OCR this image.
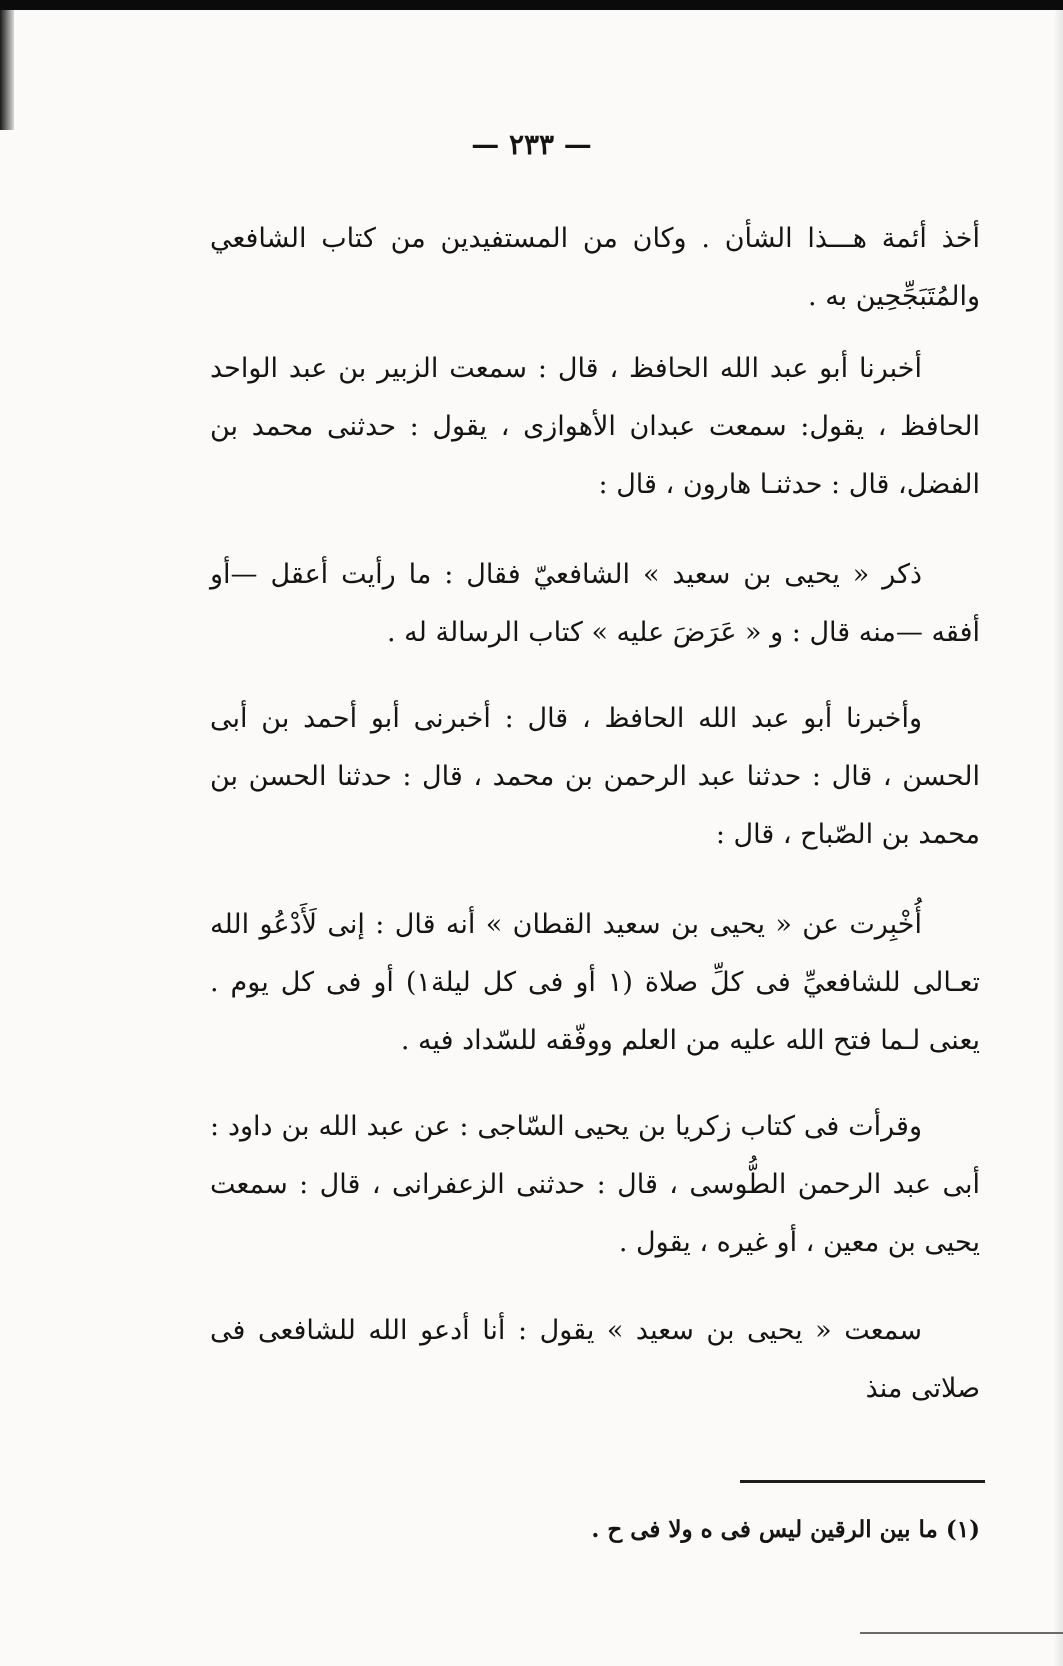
— ٢٣٣ —

أخذ أئمة هـــذا الشأن . وكان من المستفيدين من كتاب الشافعي والمُتَبَجِّحِين به .

أخبرنا أبو عبد الله الحافظ ، قال : سمعت الزبير بن عبد الواحد الحافظ ، يقول: سمعت عبدان الأهوازى ، يقول : حدثنى محمد بن الفضل، قال : حدثنـا هارون ، قال :

ذكر « يحيى بن سعيد » الشافعيّ فقال : ما رأيت أعقل —أو أفقه —منه قال : و « عَرَضَ عليه » كتاب الرسالة له .

وأخبرنا أبو عبد الله الحافظ ، قال : أخبرنى أبو أحمد بن أبى الحسن ، قال : حدثنا عبد الرحمن بن محمد ، قال : حدثنا الحسن بن محمد بن الصّباح ، قال :

أُخْبِرت عن « يحيى بن سعيد القطان » أنه قال : إنى لَأَدْعُو الله تعـالى للشافعيِّ فى كلِّ صلاة (١ أو فى كل ليلة١) أو فى كل يوم . يعنى لـما فتح الله عليه من العلم ووفّقه للسّداد فيه .

وقرأت فى كتاب زكريا بن يحيى السّاجى : عن عبد الله بن داود : أبى عبد الرحمن الطُّوسى ، قال : حدثنى الزعفرانى ، قال : سمعت يحيى بن معين ، أو غيره ، يقول .

سمعت « يحيى بن سعيد » يقول : أنا أدعو الله للشافعى فى صلاتى منذ

(١) ما بين الرقين ليس فى ه ولا فى ح .
